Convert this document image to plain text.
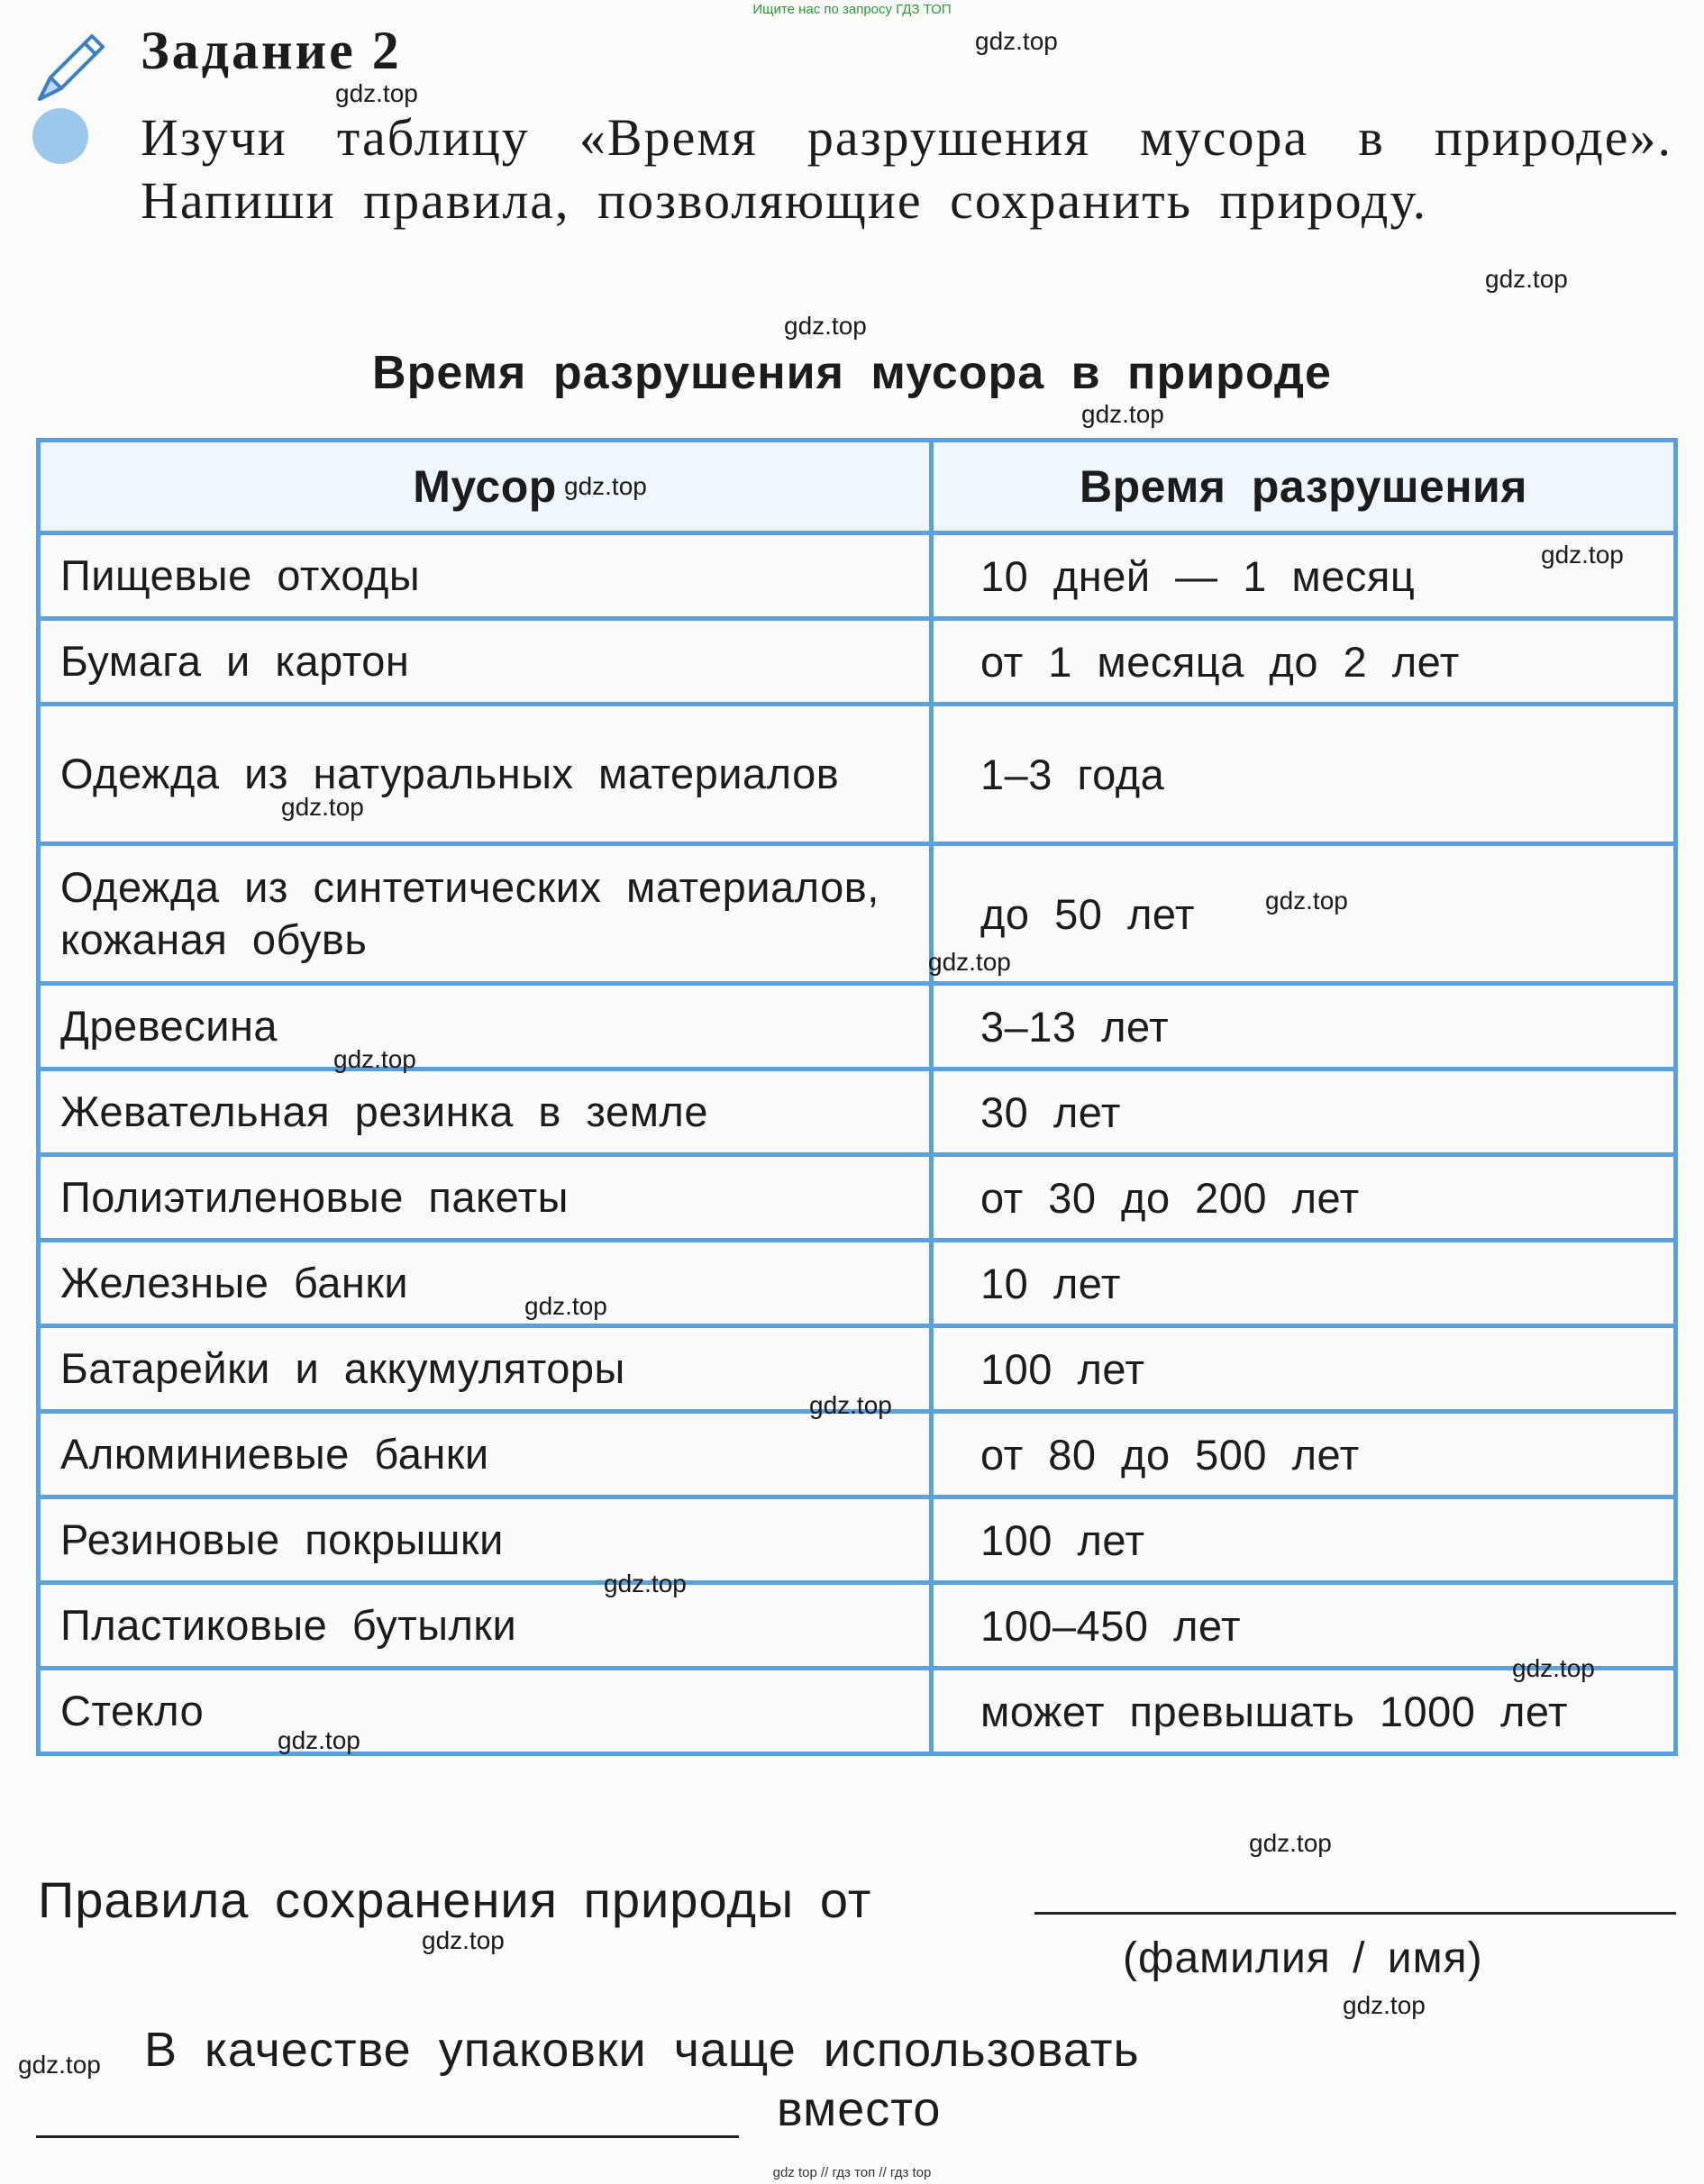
Ищите нас по запросу ГДЗ ТОП
Задание 2
Изучи таблицу «Время разрушения мусора в природе». Напиши правила, позволяющие сохранить природу.
Время разрушения мусора в природе
Мусор	Время разрушения
Пищевые отходы	10 дней — 1 месяц
Бумага и картон	от 1 месяца до 2 лет
Одежда из натуральных материалов	1–3 года
Одежда из синтетических материалов, кожаная обувь	до 50 лет
Древесина	3–13 лет
Жевательная резинка в земле	30 лет
Полиэтиленовые пакеты	от 30 до 200 лет
Железные банки	10 лет
Батарейки и аккумуляторы	100 лет
Алюминиевые банки	от 80 до 500 лет
Резиновые покрышки	100 лет
Пластиковые бутылки	100–450 лет
Стекло	может превышать 1000 лет
Правила сохранения природы от
(фамилия / имя)
В качестве упаковки чаще использовать
вместо
gdz.top
gdz.top
gdz.top
gdz.top
gdz.top
gdz.top
gdz.top
gdz.top
gdz.top
gdz.top
gdz.top
gdz.top
gdz.top
gdz.top
gdz.top
gdz.top
gdz.top
gdz.top
gdz.top
gdz.top
gdz top // гдз топ // гдз top
